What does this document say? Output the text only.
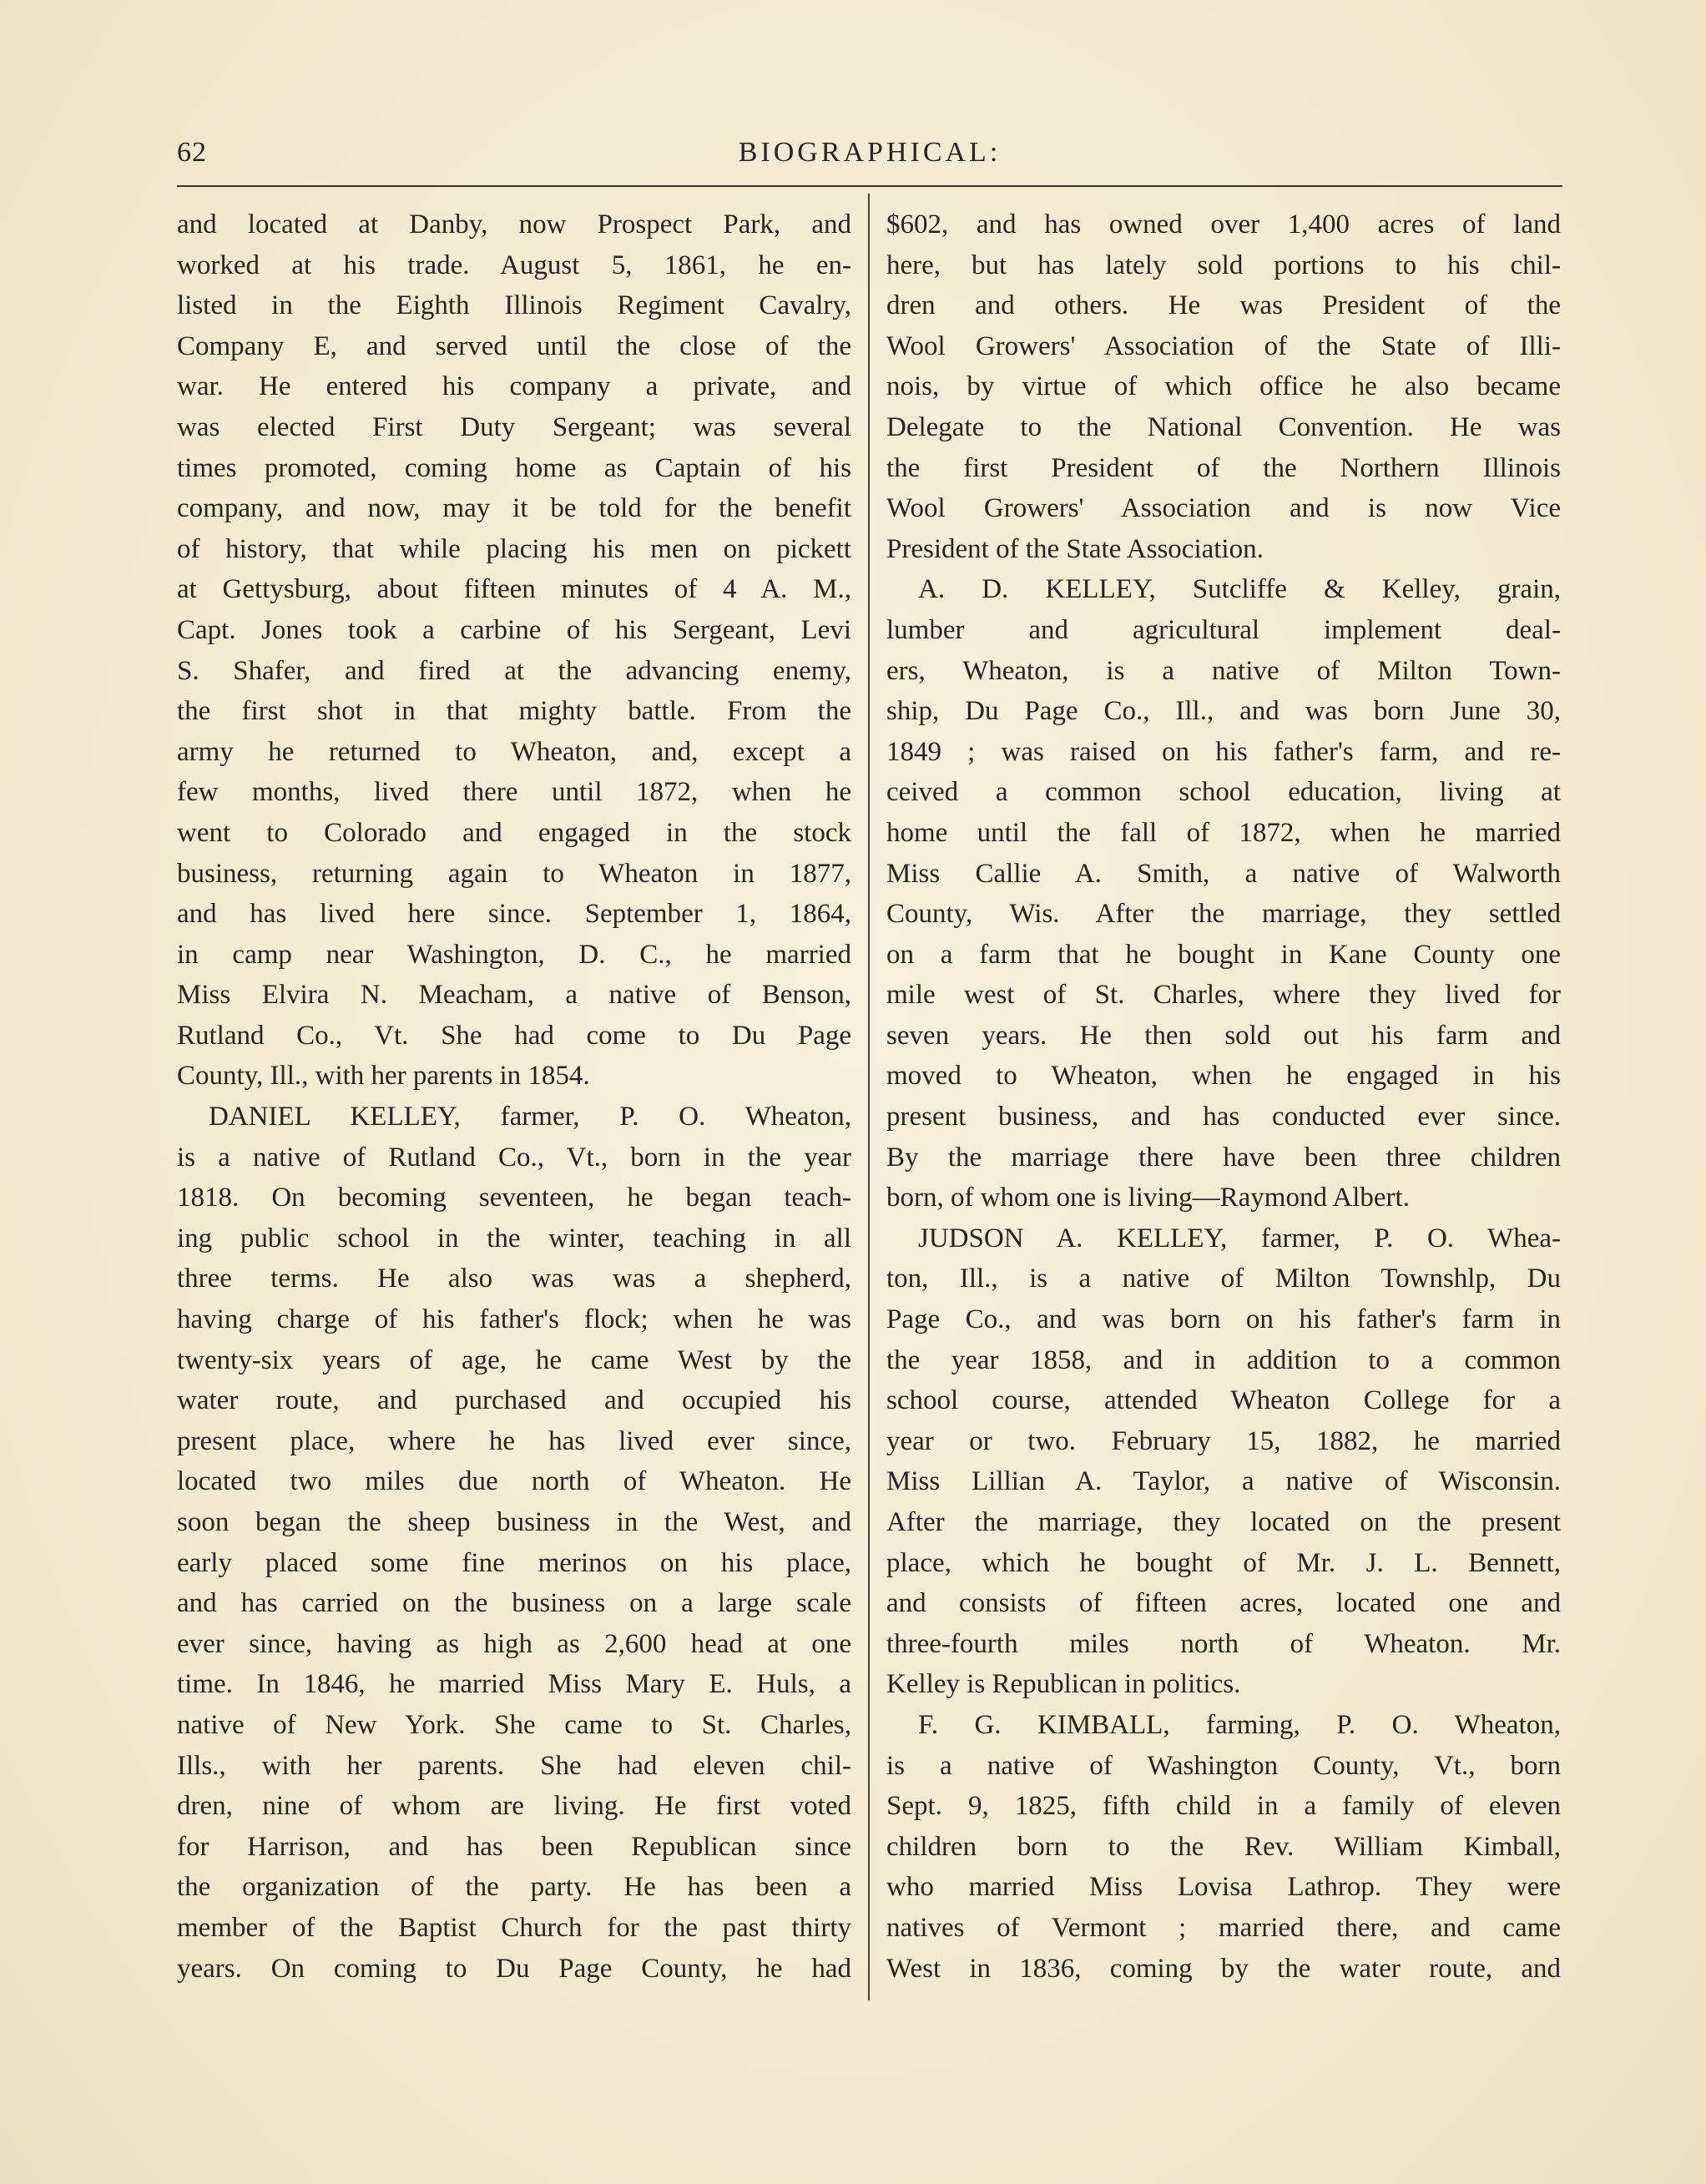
62	BIOGRAPHICAL:
and located at Danby, now Prospect Park, and
worked at his trade. August 5, 1861, he en-
listed in the Eighth Illinois Regiment Cavalry,
Company E, and served until the close of the
war. He entered his company a private, and
was elected First Duty Sergeant; was several
times promoted, coming home as Captain of his
company, and now, may it be told for the benefit
of history, that while placing his men on pickett
at Gettysburg, about fifteen minutes of 4 A. M.,
Capt. Jones took a carbine of his Sergeant, Levi
S. Shafer, and fired at the advancing enemy,
the first shot in that mighty battle. From the
army he returned to Wheaton, and, except a
few months, lived there until 1872, when he
went to Colorado and engaged in the stock
business, returning again to Wheaton in 1877,
and has lived here since. September 1, 1864,
in camp near Washington, D. C., he married
Miss Elvira N. Meacham, a native of Benson,
Rutland Co., Vt. She had come to Du Page
County, Ill., with her parents in 1854.
DANIEL KELLEY, farmer, P. O. Wheaton,
is a native of Rutland Co., Vt., born in the year
1818. On becoming seventeen, he began teach-
ing public school in the winter, teaching in all
three terms. He also was was a shepherd,
having charge of his father's flock; when he was
twenty-six years of age, he came West by the
water route, and purchased and occupied his
present place, where he has lived ever since,
located two miles due north of Wheaton. He
soon began the sheep business in the West, and
early placed some fine merinos on his place,
and has carried on the business on a large scale
ever since, having as high as 2,600 head at one
time. In 1846, he married Miss Mary E. Huls, a
native of New York. She came to St. Charles,
Ills., with her parents. She had eleven chil-
dren, nine of whom are living. He first voted
for Harrison, and has been Republican since
the organization of the party. He has been a
member of the Baptist Church for the past thirty
years. On coming to Du Page County, he had
$602, and has owned over 1,400 acres of land
here, but has lately sold portions to his chil-
dren and others. He was President of the
Wool Growers' Association of the State of Illi-
nois, by virtue of which office he also became
Delegate to the National Convention. He was
the first President of the Northern Illinois
Wool Growers' Association and is now Vice
President of the State Association.
A. D. KELLEY, Sutcliffe & Kelley, grain,
lumber and agricultural implement deal-
ers, Wheaton, is a native of Milton Town-
ship, Du Page Co., Ill., and was born June 30,
1849 ; was raised on his father's farm, and re-
ceived a common school education, living at
home until the fall of 1872, when he married
Miss Callie A. Smith, a native of Walworth
County, Wis. After the marriage, they settled
on a farm that he bought in Kane County one
mile west of St. Charles, where they lived for
seven years. He then sold out his farm and
moved to Wheaton, when he engaged in his
present business, and has conducted ever since.
By the marriage there have been three children
born, of whom one is living—Raymond Albert.
JUDSON A. KELLEY, farmer, P. O. Whea-
ton, Ill., is a native of Milton Townshlp, Du
Page Co., and was born on his father's farm in
the year 1858, and in addition to a common
school course, attended Wheaton College for a
year or two. February 15, 1882, he married
Miss Lillian A. Taylor, a native of Wisconsin.
After the marriage, they located on the present
place, which he bought of Mr. J. L. Bennett,
and consists of fifteen acres, located one and
three-fourth miles north of Wheaton. Mr.
Kelley is Republican in politics.
F. G. KIMBALL, farming, P. O. Wheaton,
is a native of Washington County, Vt., born
Sept. 9, 1825, fifth child in a family of eleven
children born to the Rev. William Kimball,
who married Miss Lovisa Lathrop. They were
natives of Vermont ; married there, and came
West in 1836, coming by the water route, and
